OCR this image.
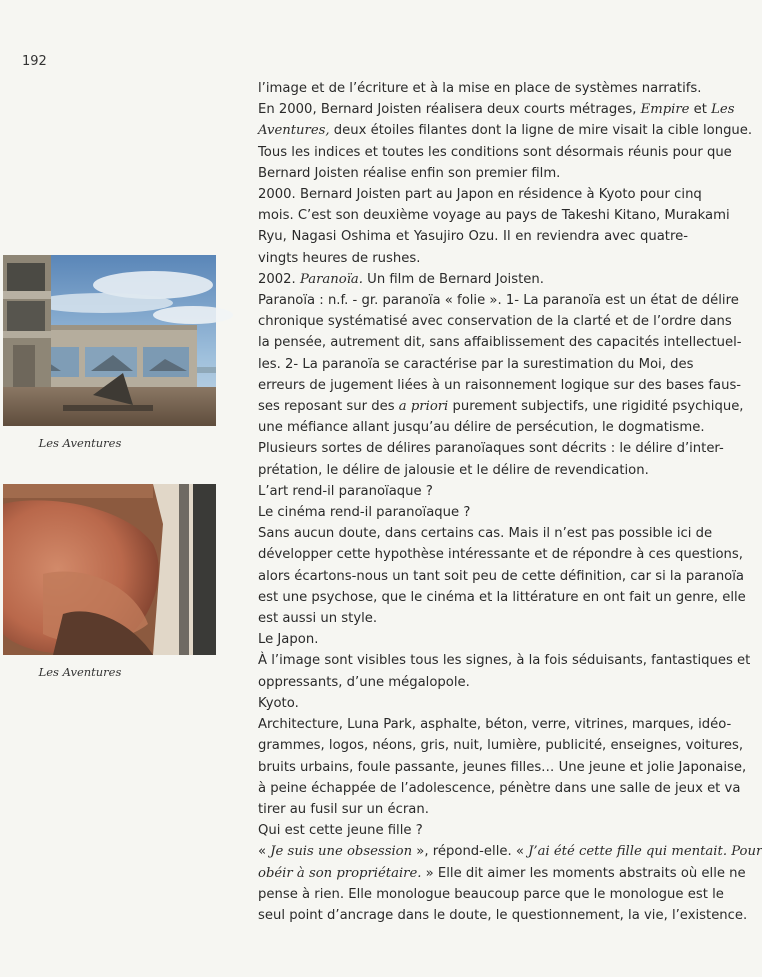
192
Les Aventures
Les Aventures
l’image et de l’écriture et à la mise en place de systèmes narratifs.
En 2000, Bernard Joisten réalisera deux courts métrages, Empire et Les
Aventures, deux étoiles filantes dont la ligne de mire visait la cible longue.
Tous les indices et toutes les conditions sont désormais réunis pour que
Bernard Joisten réalise enfin son premier film.
2000. Bernard Joisten part au Japon en résidence à Kyoto pour cinq
mois. C’est son deuxième voyage au pays de Takeshi Kitano, Murakami
Ryu, Nagasi Oshima et Yasujiro Ozu. Il en reviendra avec quatre-
vingts heures de rushes.
2002. Paranoïa. Un film de Bernard Joisten.
Paranoïa : n.f. - gr. paranoïa « folie ». 1- La paranoïa est un état de délire
chronique systématisé avec conservation de la clarté et de l’ordre dans
la pensée, autrement dit, sans affaiblissement des capacités intellectuel-
les. 2- La paranoïa se caractérise par la surestimation du Moi, des
erreurs de jugement liées à un raisonnement logique sur des bases faus-
ses reposant sur des a priori purement subjectifs, une rigidité psychique,
une méfiance allant jusqu’au délire de persécution, le dogmatisme.
Plusieurs sortes de délires paranoïaques sont décrits : le délire d’inter-
prétation, le délire de jalousie et le délire de revendication.
L’art rend-il paranoïaque ?
Le cinéma rend-il paranoïaque ?
Sans aucun doute, dans certains cas. Mais il n’est pas possible ici de
développer cette hypothèse intéressante et de répondre à ces questions,
alors écartons-nous un tant soit peu de cette définition, car si la paranoïa
est une psychose, que le cinéma et la littérature en ont fait un genre, elle
est aussi un style.
Le Japon.
À l’image sont visibles tous les signes, à la fois séduisants, fantastiques et
oppressants, d’une mégalopole.
Kyoto.
Architecture, Luna Park, asphalte, béton, verre, vitrines, marques, idéo-
grammes, logos, néons, gris, nuit, lumière, publicité, enseignes, voitures,
bruits urbains, foule passante, jeunes filles… Une jeune et jolie Japonaise,
à peine échappée de l’adolescence, pénètre dans une salle de jeux et va
tirer au fusil sur un écran.
Qui est cette jeune fille ?
« Je suis une obsession », répond-elle. « J’ai été cette fille qui mentait. Pour
obéir à son propriétaire. » Elle dit aimer les moments abstraits où elle ne
pense à rien. Elle monologue beaucoup parce que le monologue est le
seul point d’ancrage dans le doute, le questionnement, la vie, l’existence.
